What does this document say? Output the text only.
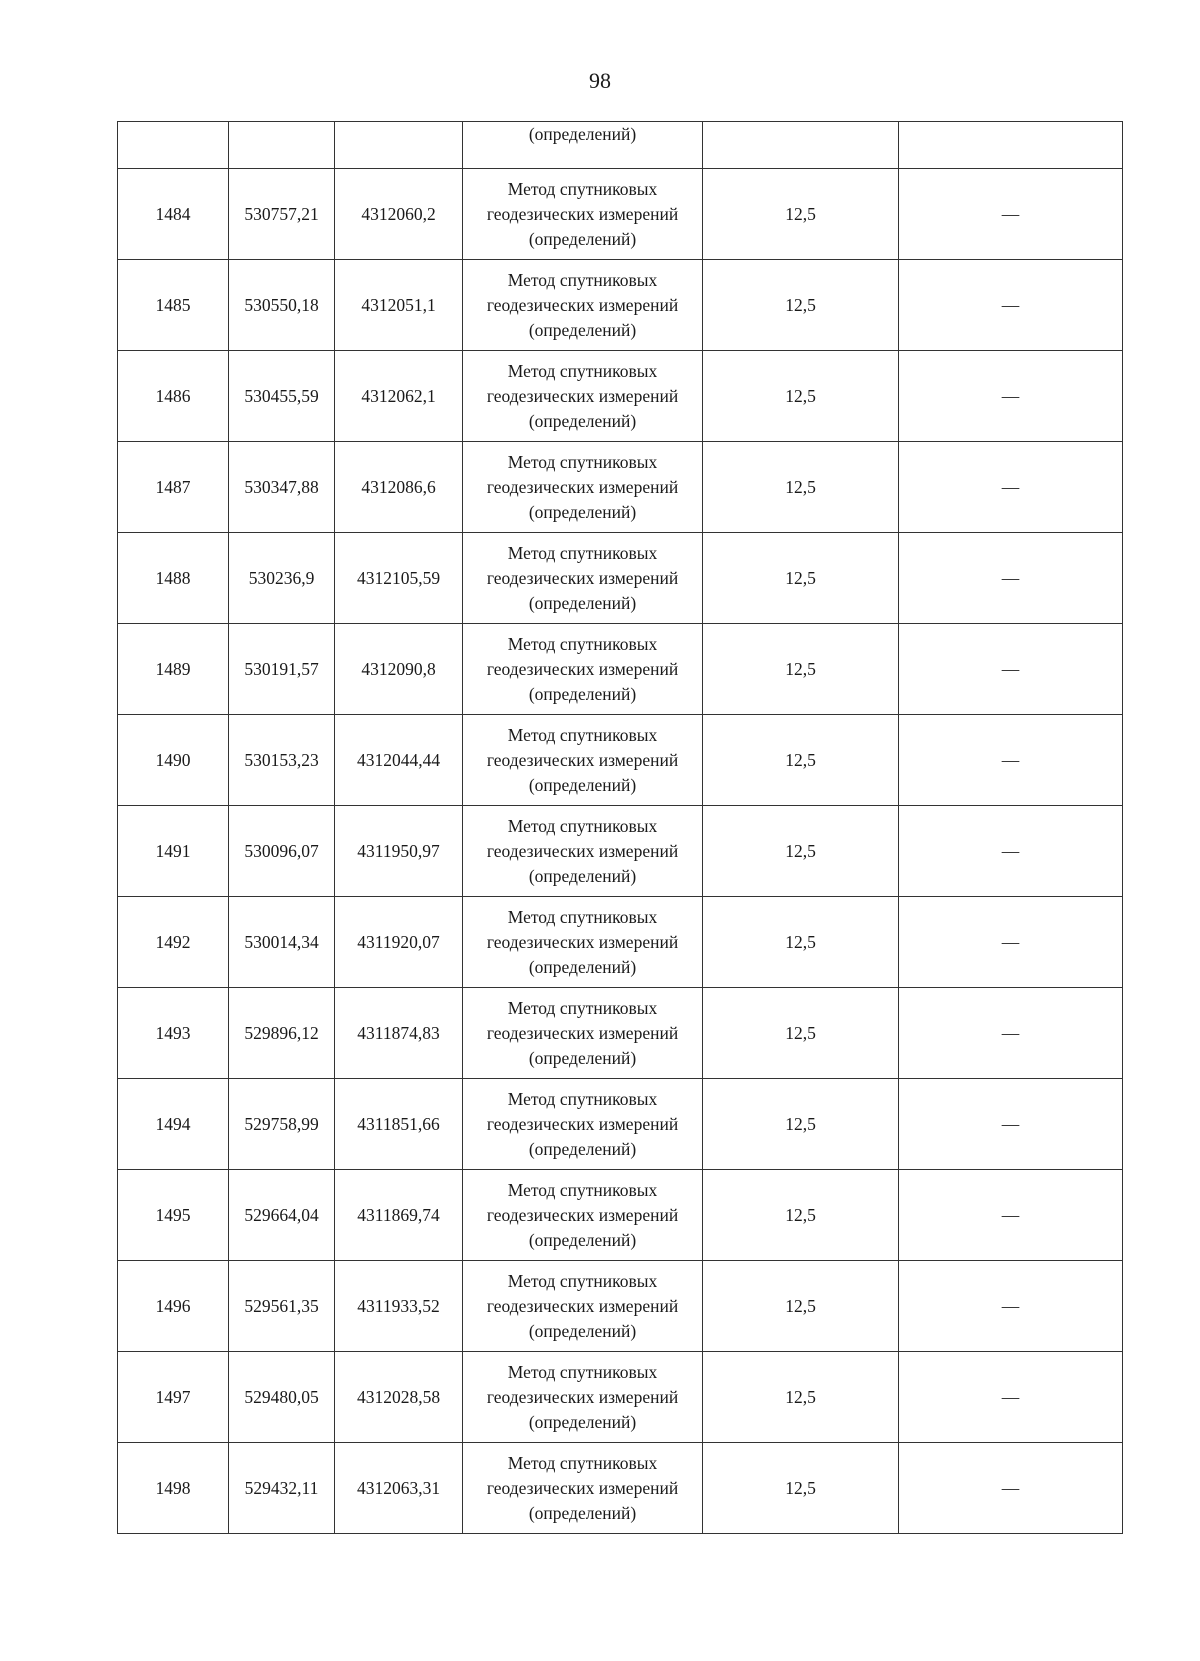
98
			(определений)		
1484	530757,21	4312060,2	Метод спутниковых
геодезических измерений
(определений)	12,5	—
1485	530550,18	4312051,1	Метод спутниковых
геодезических измерений
(определений)	12,5	—
1486	530455,59	4312062,1	Метод спутниковых
геодезических измерений
(определений)	12,5	—
1487	530347,88	4312086,6	Метод спутниковых
геодезических измерений
(определений)	12,5	—
1488	530236,9	4312105,59	Метод спутниковых
геодезических измерений
(определений)	12,5	—
1489	530191,57	4312090,8	Метод спутниковых
геодезических измерений
(определений)	12,5	—
1490	530153,23	4312044,44	Метод спутниковых
геодезических измерений
(определений)	12,5	—
1491	530096,07	4311950,97	Метод спутниковых
геодезических измерений
(определений)	12,5	—
1492	530014,34	4311920,07	Метод спутниковых
геодезических измерений
(определений)	12,5	—
1493	529896,12	4311874,83	Метод спутниковых
геодезических измерений
(определений)	12,5	—
1494	529758,99	4311851,66	Метод спутниковых
геодезических измерений
(определений)	12,5	—
1495	529664,04	4311869,74	Метод спутниковых
геодезических измерений
(определений)	12,5	—
1496	529561,35	4311933,52	Метод спутниковых
геодезических измерений
(определений)	12,5	—
1497	529480,05	4312028,58	Метод спутниковых
геодезических измерений
(определений)	12,5	—
1498	529432,11	4312063,31	Метод спутниковых
геодезических измерений
(определений)	12,5	—
